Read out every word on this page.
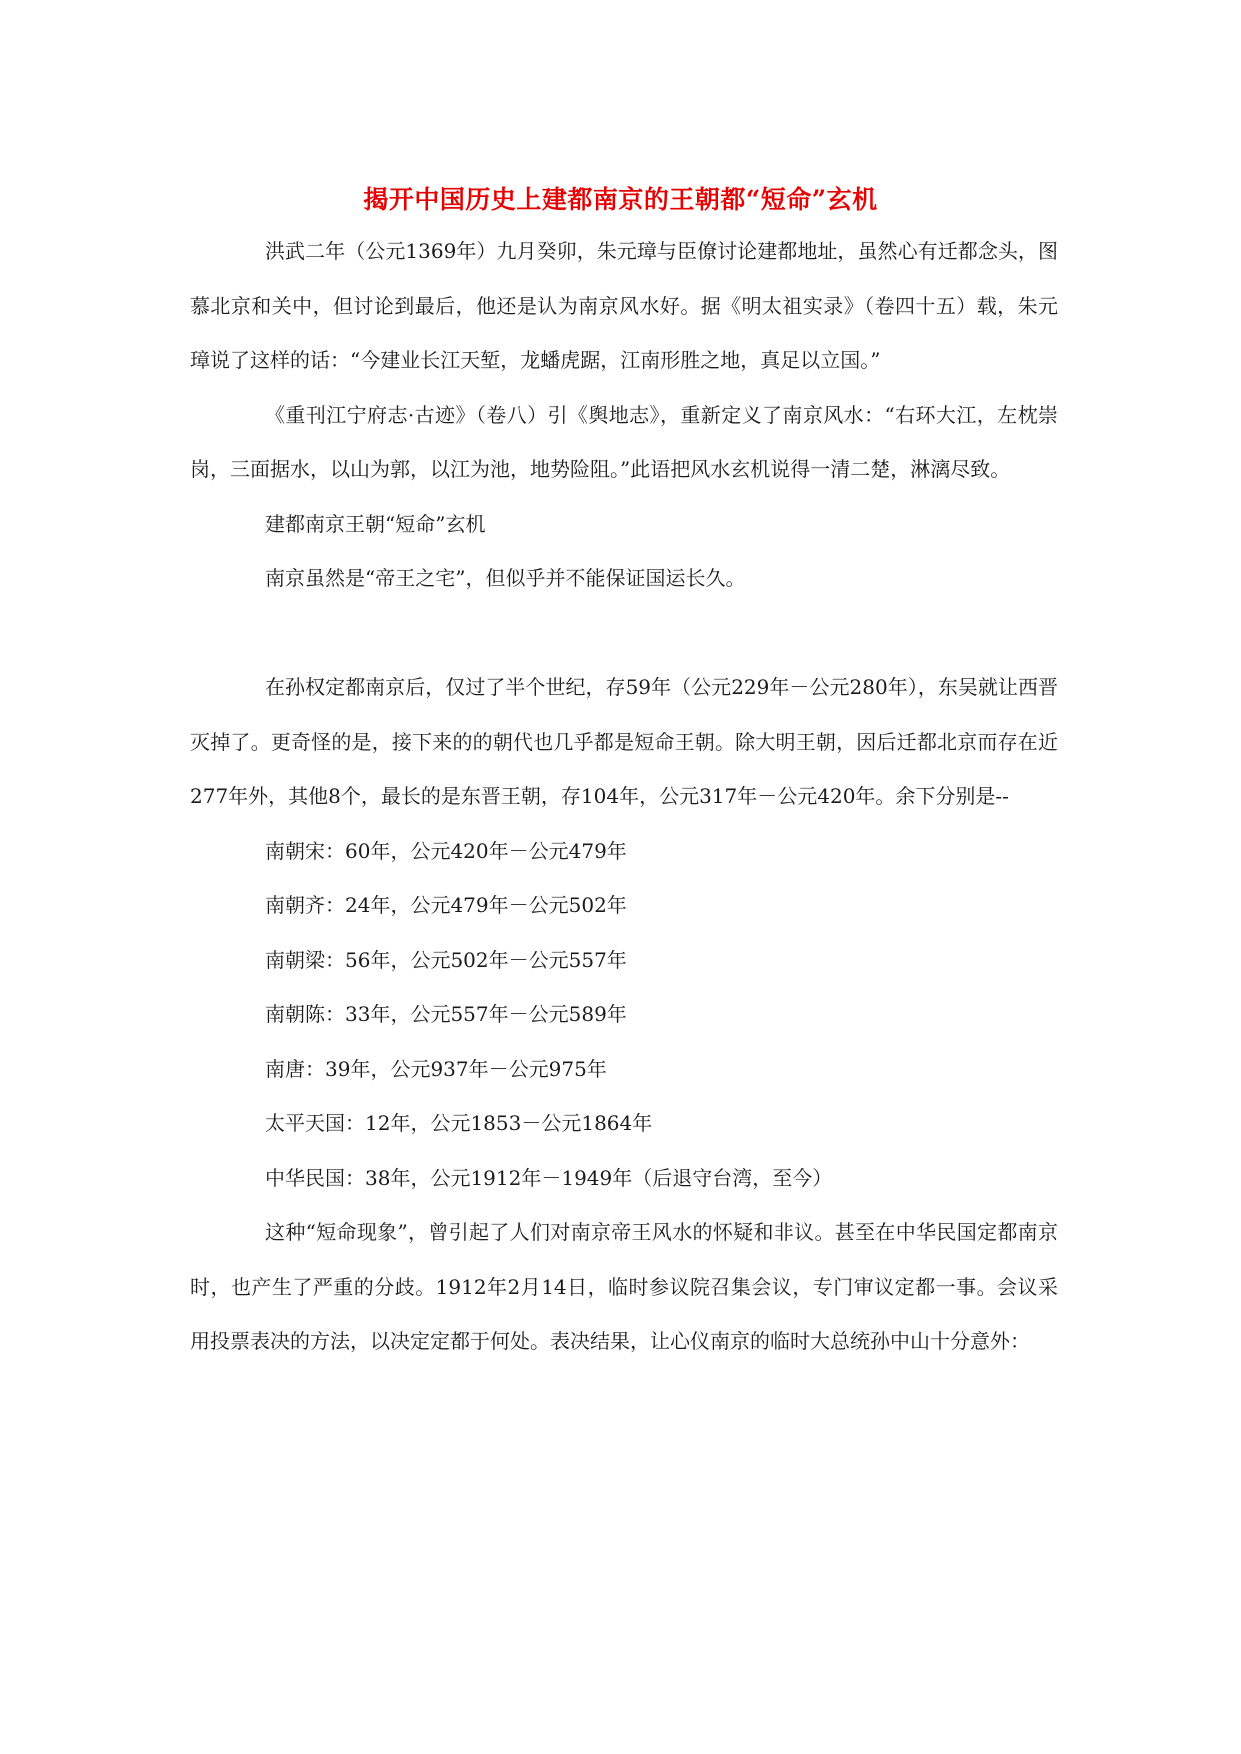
揭开中国历史上建都南京的王朝都“短命”玄机

洪武二年（公元1369年）九月癸卯，朱元璋与臣僚讨论建都地址，虽然心有迁都念头，图慕北京和关中，但讨论到最后，他还是认为南京风水好。据《明太祖实录》（卷四十五）载，朱元璋说了这样的话：“今建业长江天堑，龙蟠虎踞，江南形胜之地，真足以立国。”

《重刊江宁府志·古迹》（卷八）引《舆地志》，重新定义了南京风水：“右环大江，左枕崇岗，三面据水，以山为郭，以江为池，地势险阻。”此语把风水玄机说得一清二楚，淋漓尽致。

建都南京王朝“短命”玄机

南京虽然是“帝王之宅”，但似乎并不能保证国运长久。

在孙权定都南京后，仅过了半个世纪，存59年（公元229年－公元280年），东吴就让西晋灭掉了。更奇怪的是，接下来的的朝代也几乎都是短命王朝。除大明王朝，因后迁都北京而存在近277年外，其他8个，最长的是东晋王朝，存104年，公元317年－公元420年。余下分别是--

南朝宋：60年，公元420年－公元479年

南朝齐：24年，公元479年－公元502年

南朝梁：56年，公元502年－公元557年

南朝陈：33年，公元557年－公元589年

南唐：39年，公元937年－公元975年

太平天国：12年，公元1853－公元1864年

中华民国：38年，公元1912年－1949年（后退守台湾，至今）

这种“短命现象”，曾引起了人们对南京帝王风水的怀疑和非议。甚至在中华民国定都南京时，也产生了严重的分歧。1912年2月14日，临时参议院召集会议，专门审议定都一事。会议采用投票表决的方法，以决定定都于何处。表决结果，让心仪南京的临时大总统孙中山十分意外：
